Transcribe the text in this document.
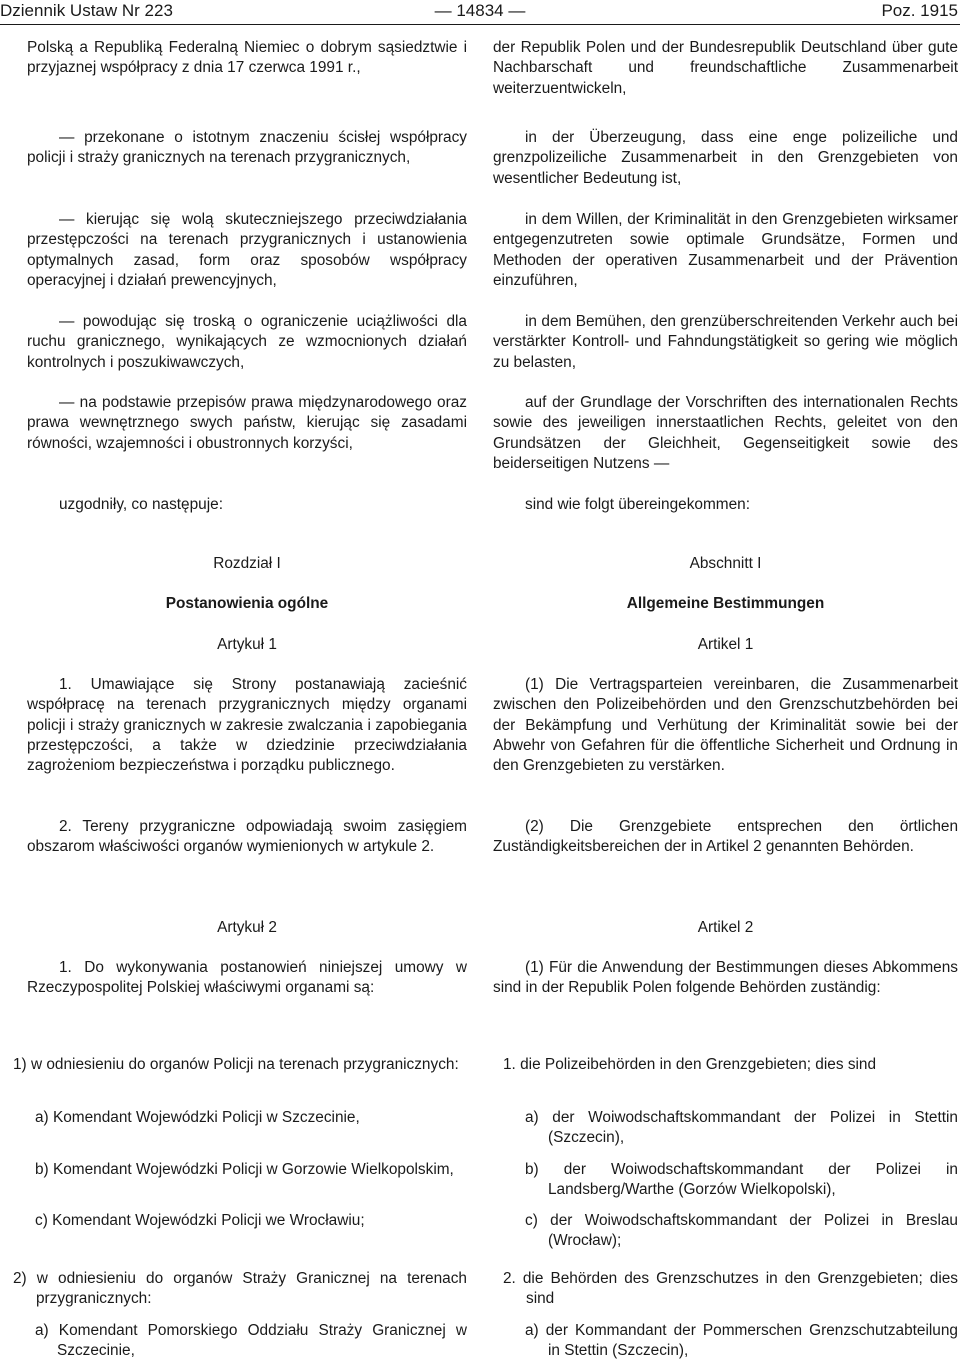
Dziennik Ustaw Nr 223	— 14834 —	Poz. 1915

Polską a Republiką Federalną Niemiec o dobrym sąsiedztwie i przyjaznej współpracy z dnia 17 czerwca 1991 r.,

— przekonane o istotnym znaczeniu ścisłej współpracy policji i straży granicznych na terenach przygranicznych,

— kierując się wolą skuteczniejszego przeciwdziałania przestępczości na terenach przygranicznych i ustanowienia optymalnych zasad, form oraz sposobów współpracy operacyjnej i działań prewencyjnych,

— powodując się troską o ograniczenie uciążliwości dla ruchu granicznego, wynikających ze wzmocnionych działań kontrolnych i poszukiwawczych,

— na podstawie przepisów prawa międzynarodowego oraz prawa wewnętrznego swych państw, kierując się zasadami równości, wzajemności i obustronnych korzyści,

uzgodniły, co następuje:

Rozdział I

Postanowienia ogólne

Artykuł 1

1. Umawiające się Strony postanawiają zacieśnić współpracę na terenach przygranicznych między organami policji i straży granicznych w zakresie zwalczania i zapobiegania przestępczości, a także w dziedzinie przeciwdziałania zagrożeniom bezpieczeństwa i porządku publicznego.

2. Tereny przygraniczne odpowiadają swoim zasięgiem obszarom właściwości organów wymienionych w artykule 2.

Artykuł 2

1. Do wykonywania postanowień niniejszej umowy w Rzeczypospolitej Polskiej właściwymi organami są:

1) w odniesieniu do organów Policji na terenach przygranicznych:

a) Komendant Wojewódzki Policji w Szczecinie,

b) Komendant Wojewódzki Policji w Gorzowie Wielkopolskim,

c) Komendant Wojewódzki Policji we Wrocławiu;

2) w odniesieniu do organów Straży Granicznej na terenach przygranicznych:

a) Komendant Pomorskiego Oddziału Straży Granicznej w Szczecinie,

der Republik Polen und der Bundesrepublik Deutschland über gute Nachbarschaft und freundschaftliche Zusammenarbeit weiterzuentwickeln,

in der Überzeugung, dass eine enge polizeiliche und grenzpolizeiliche Zusammenarbeit in den Grenzgebieten von wesentlicher Bedeutung ist,

in dem Willen, der Kriminalität in den Grenzgebieten wirksamer entgegenzutreten sowie optimale Grundsätze, Formen und Methoden der operativen Zusammenarbeit und der Prävention einzuführen,

in dem Bemühen, den grenzüberschreitenden Verkehr auch bei verstärkter Kontroll- und Fahndungstätigkeit so gering wie möglich zu belasten,

auf der Grundlage der Vorschriften des internationalen Rechts sowie des jeweiligen innerstaatlichen Rechts, geleitet von den Grundsätzen der Gleichheit, Gegenseitigkeit sowie des beiderseitigen Nutzens —

sind wie folgt übereingekommen:

Abschnitt I

Allgemeine Bestimmungen

Artikel 1

(1) Die Vertragsparteien vereinbaren, die Zusammenarbeit zwischen den Polizeibehörden und den Grenzschutzbehörden bei der Bekämpfung und Verhütung der Kriminalität sowie bei der Abwehr von Gefahren für die öffentliche Sicherheit und Ordnung in den Grenzgebieten zu verstärken.

(2) Die Grenzgebiete entsprechen den örtlichen Zuständigkeitsbereichen der in Artikel 2 genannten Behörden.

Artikel 2

(1) Für die Anwendung der Bestimmungen dieses Abkommens sind in der Republik Polen folgende Behörden zuständig:

1. die Polizeibehörden in den Grenzgebieten; dies sind

a) der Woiwodschaftskommandant der Polizei in Stettin (Szczecin),

b) der Woiwodschaftskommandant der Polizei in Landsberg/Warthe (Gorzów Wielkopolski),

c) der Woiwodschaftskommandant der Polizei in Breslau (Wrocław);

2. die Behörden des Grenzschutzes in den Grenzgebieten; dies sind

a) der Kommandant der Pommerschen Grenzschutzabteilung in Stettin (Szczecin),
